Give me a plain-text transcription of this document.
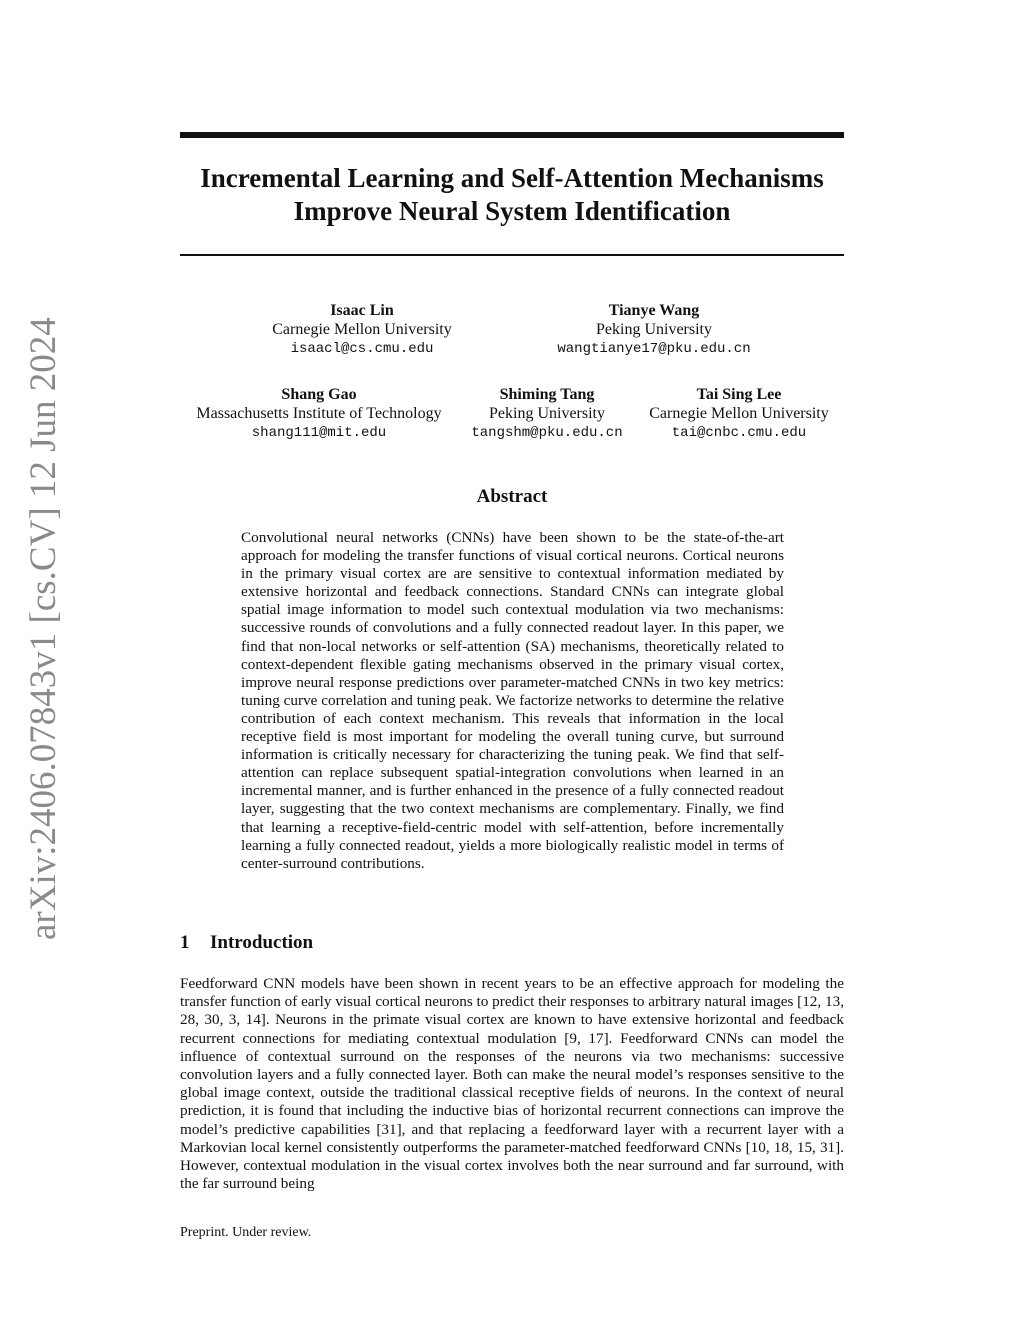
arXiv:2406.07843v1 [cs.CV] 12 Jun 2024
Incremental Learning and Self-Attention Mechanisms
Improve Neural System Identification
Isaac Lin
Carnegie Mellon University
isaacl@cs.cmu.edu
Tianye Wang
Peking University
wangtianye17@pku.edu.cn
Shang Gao
Massachusetts Institute of Technology
shang111@mit.edu
Shiming Tang
Peking University
tangshm@pku.edu.cn
Tai Sing Lee
Carnegie Mellon University
tai@cnbc.cmu.edu
Abstract

Convolutional neural networks (CNNs) have been shown to be the state-of-the-art approach for modeling the transfer functions of visual cortical neurons. Cortical neurons in the primary visual cortex are are sensitive to contextual information mediated by extensive horizontal and feedback connections. Standard CNNs can integrate global spatial image information to model such contextual modulation via two mechanisms: successive rounds of convolutions and a fully connected readout layer. In this paper, we find that non-local networks or self-attention (SA) mechanisms, theoretically related to context-dependent flexible gating mechanisms observed in the primary visual cortex, improve neural response predictions over parameter-matched CNNs in two key metrics: tuning curve correlation and tuning peak. We factorize networks to determine the relative contribution of each context mechanism. This reveals that information in the local receptive field is most important for modeling the overall tuning curve, but surround information is critically necessary for characterizing the tuning peak. We find that self-attention can replace subsequent spatial-integration convolutions when learned in an incremental manner, and is further enhanced in the presence of a fully connected readout layer, suggesting that the two context mechanisms are complementary. Finally, we find that learning a receptive-field-centric model with self-attention, before incrementally learning a fully connected readout, yields a more biologically realistic model in terms of center-surround contributions.

1 Introduction

Feedforward CNN models have been shown in recent years to be an effective approach for modeling the transfer function of early visual cortical neurons to predict their responses to arbitrary natural images [12, 13, 28, 30, 3, 14]. Neurons in the primate visual cortex are known to have extensive horizontal and feedback recurrent connections for mediating contextual modulation [9, 17]. Feedforward CNNs can model the influence of contextual surround on the responses of the neurons via two mechanisms: successive convolution layers and a fully connected layer. Both can make the neural model’s responses sensitive to the global image context, outside the traditional classical receptive fields of neurons. In the context of neural prediction, it is found that including the inductive bias of horizontal recurrent connections can improve the model’s predictive capabilities [31], and that replacing a feedforward layer with a recurrent layer with a Markovian local kernel consistently outperforms the parameter-matched feedforward CNNs [10, 18, 15, 31]. However, contextual modulation in the visual cortex involves both the near surround and far surround, with the far surround being

Preprint. Under review.
